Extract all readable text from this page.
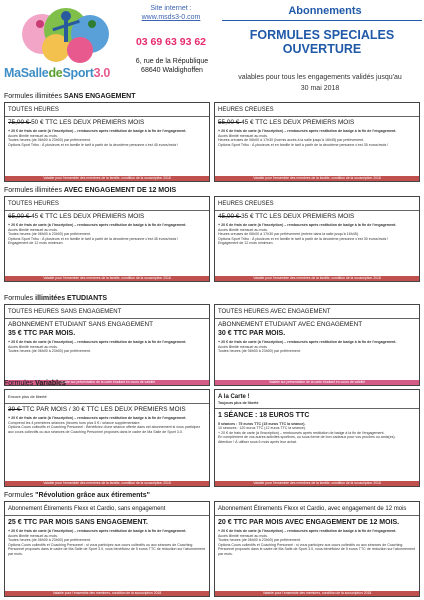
MaSalledeSport3.0
Site internet :
www.msds3-0.com
03 69 63 93 62
6, rue de la République
68640 Waldighoffen
Abonnements
FORMULES SPECIALES
OUVERTURE
valables pour tous les engagements validés jusqu'au
30 mai 2018
Formules illimitées SANS ENGAGEMENT
TOUTES HEURES
75,00 € 50 € TTC LES DEUX PREMIERS MOIS
+ 20 € de frais de carte (à l'inscription) – remboursés après restitution de badge à la fin de l'engagement.
Accès illimité mensuel au mois.
Toutes heures (de 06h00 à 23h00) par prélèvement.
Options Sport Tribu : À plusieurs et en famille le tarif à partir de la deuxième personne c'est 45 euros/mois !
Valable pour l'ensemble des membres de la famille, condition de la souscription 2018
HEURES CREUSES
55,00 € 45 € TTC LES DEUX PREMIERS MOIS
+ 20 € de frais de carte (à l'inscription) – remboursés après restitution de badge à la fin de l'engagement.
Accès illimité mensuel au mois.
Heures creuses de 06h00 à 17h30 (hormis accès à la salle jusqu'à 16h45) par prélèvement.
Options Sport Tribu : À plusieurs et en famille le tarif à partir de la deuxième personne c'est 35 euros/mois !
Valable pour l'ensemble des membres de la famille, condition de la souscription 2018
Formules illimitées AVEC ENGAGEMENT DE 12 MOIS
TOUTES HEURES
65,00 € 45 € TTC LES DEUX PREMIERS MOIS
+ 20 € de frais de carte (à l'inscription) – remboursés après restitution de badge à la fin de l'engagement.
Accès illimité mensuel au mois.
Toutes heures (de 06h00 à 23h00) par prélèvement.
Options Sport Tribu : À plusieurs et en famille le tarif à partir de la deuxième personne c'est 45 euros/mois !
Engagement de 12 mois minimum.
Valable pour l'ensemble des membres de la famille, condition de la souscription 2018
HEURES CREUSES
45,00 € 35 € TTC LES DEUX PREMIERS MOIS
+ 20 € de frais de carte (à l'inscription) – remboursés après restitution de badge à la fin de l'engagement.
Accès illimité mensuel au mois.
Heures creuses de 06h00 à 17h30 par prélèvement (entrée dans la salle jusqu'à 16h45).
Options Sport Tribu : À plusieurs et en famille le tarif à partir de la deuxième personne c'est 30 euros/mois !
Engagement de 12 mois minimum.
Valable pour l'ensemble des membres de la famille, condition de la souscription 2018
Formules illimitées ETUDIANTS
TOUTES HEURES SANS ENGAGEMENT
ABONNEMENT ETUDIANT SANS ENGAGEMENT
35 € TTC PAR MOIS.
+ 20 € de frais de carte (à l'inscription) – remboursés après restitution de badge à la fin de l'engagement.
Accès illimité mensuel au mois.
Toutes heures (de 06h00 à 23h00) par prélèvement.
Valable sur présentation de la carte étudiant en cours de validité
TOUTES HEURES AVEC ENGAGEMENT
ABONNEMENT ETUDIANT AVEC ENGAGEMENT
30 € TTC PAR MOIS.
+ 20 € de frais de carte (à l'inscription) – remboursés après restitution de badge à la fin de l'engagement.
Accès illimité mensuel au mois.
Toutes heures (de 06h00 à 23h00) par prélèvement.
Valable sur présentation de la carte étudiant en cours de validité
Formules Variables
Encore plus de liberté
39 € TTC PAR MOIS / 30 € TTC LES DEUX PREMIERS MOIS
+ 20 € de frais de carte (à l'inscription) – remboursés après restitution de badge à la fin de l'engagement.
Comprend les 4 premières séances (heures hors pics 5 € / séance supplémentaire.
Options Cours collectifs et Coaching Personnel : Bénéficiez d'une séance offerte dans cet abonnement si vous participez aux cours collectifs ou aux séances de Coaching Personnel proposés dans le cadre de Ma Salle de Sport 3.0.
Valable pour l'ensemble des membres de la famille, condition de la souscription 2018
A la Carte !
Toujours plus de liberté
1 SÉANCE : 18 EUROS TTC
5 séances : 75 euros TTC (15 euros TTC la séance).
10 séances : 120 euros TTC (12 euros TTC la séance).
+ 20 € de frais de carte (à l'inscription) – remboursés après restitution de badge à la fin de l'engagement.
En complément de vos autres activités sportives, ou sous forme de bon cadeaux pour vos proches ou amis(es).
Attention ! À utiliser sous 6 mois après leur achat.
Valable pour l'ensemble des membres de la famille, condition de la souscription 2018
Formules "Révolution grâce aux étirements"
Abonnement Étirements Flexx et Cardio, sans engagement
25 € TTC PAR MOIS SANS ENGAGEMENT.
+ 20 € de frais de carte (à l'inscription) – remboursés après restitution de badge à la fin de l'engagement.
Accès illimité mensuel au mois.
Toutes heures (de 06h00 à 23h00) par prélèvement.
Options Cours collectifs et Coaching Personnel : si vous participez aux cours collectifs ou aux séances de Coaching Personnel proposés dans le cadre de Ma Salle de Sport 3.0, vous bénéficiez de 5 euros TTC de réduction sur l'abonnement par mois.
Valable pour l'ensemble des membres, condition de la souscription 2018
Abonnement Étirements Flexx et Cardio, avec engagement de 12 mois
20 € TTC PAR MOIS AVEC ENGAGEMENT DE 12 MOIS.
+ 20 € de frais de carte (à l'inscription) – remboursés après restitution de badge à la fin de l'engagement.
Accès illimité mensuel au mois.
Toutes heures (de 06h00 à 23h00) par prélèvement.
Options Cours collectifs et Coaching Personnel : si vous participez aux cours collectifs ou aux séances de Coaching Personnel proposés dans le cadre de Ma Salle de Sport 3.0, vous bénéficiez de 5 euros TTC de réduction sur l'abonnement par mois.
Valable pour l'ensemble des membres, condition de la souscription 2018
